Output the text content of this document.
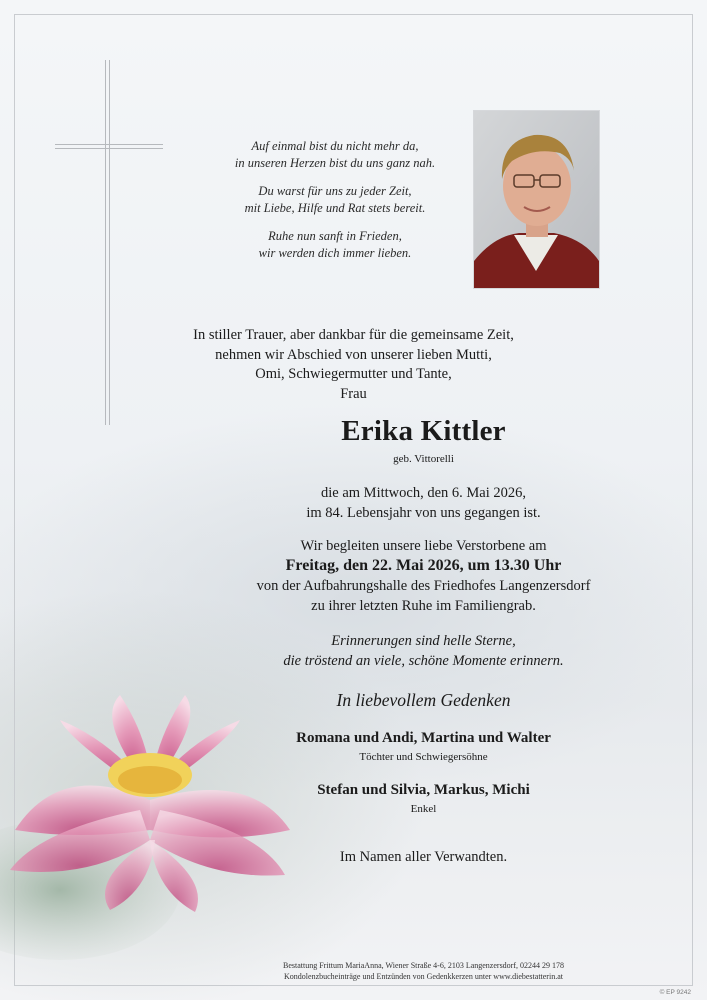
Auf einmal bist du nicht mehr da,
in unseren Herzen bist du uns ganz nah.
Du warst für uns zu jeder Zeit,
mit Liebe, Hilfe und Rat stets bereit.
Ruhe nun sanft in Frieden,
wir werden dich immer lieben.
In stiller Trauer, aber dankbar für die gemeinsame Zeit,
nehmen wir Abschied von unserer lieben Mutti,
Omi, Schwiegermutter und Tante,
Frau
Erika Kittler
geb. Vittorelli
die am Mittwoch, den 6. Mai 2026,
im 84. Lebensjahr von uns gegangen ist.
Wir begleiten unsere liebe Verstorbene am
Freitag, den 22. Mai 2026, um 13.30 Uhr
von der Aufbahrungshalle des Friedhofes Langenzersdorf
zu ihrer letzten Ruhe im Familiengrab.
Erinnerungen sind helle Sterne,
die tröstend an viele, schöne Momente erinnern.
In liebevollem Gedenken
Romana und Andi, Martina und Walter
Töchter und Schwiegersöhne
Stefan und Silvia, Markus, Michi
Enkel
Im Namen aller Verwandten.
Bestattung Frittum MariaAnna, Wiener Straße 4-6, 2103 Langenzersdorf, 02244 29 178
Kondolenzbucheinträge und Entzünden von Gedenkkerzen unter www.diebestatterin.at
© EP 9242
